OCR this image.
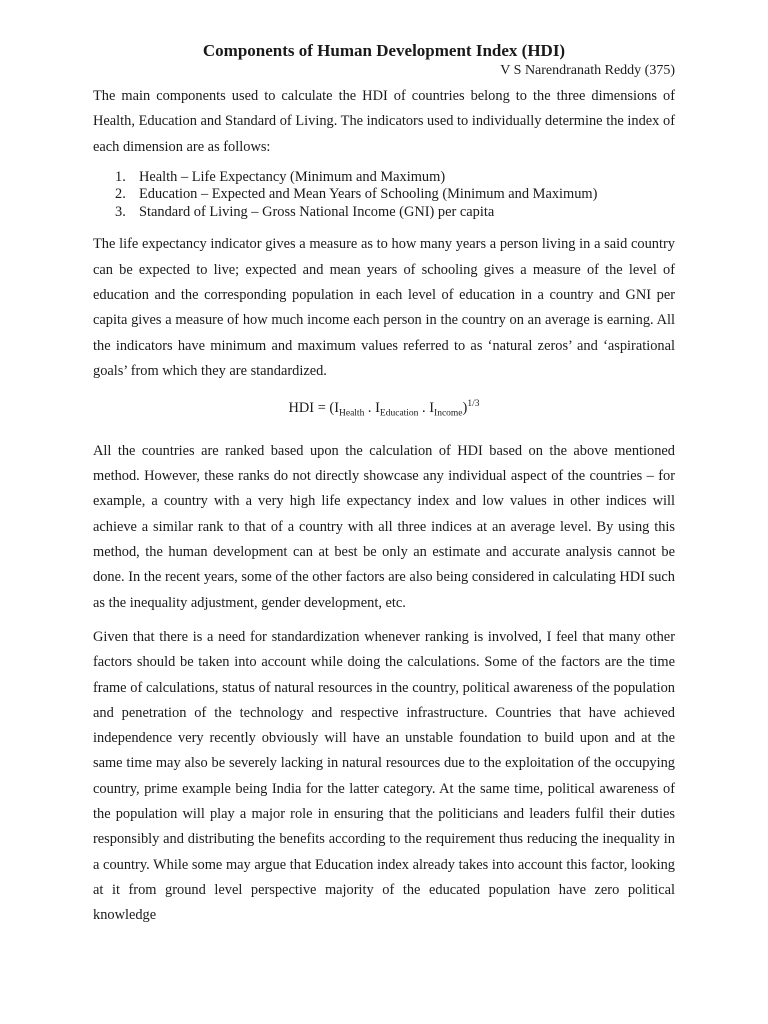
Components of Human Development Index (HDI)

V S Narendranath Reddy (375)

The main components used to calculate the HDI of countries belong to the three dimensions of Health, Education and Standard of Living. The indicators used to individually determine the index of each dimension are as follows:

1. Health – Life Expectancy (Minimum and Maximum)
2. Education – Expected and Mean Years of Schooling (Minimum and Maximum)
3. Standard of Living – Gross National Income (GNI) per capita

The life expectancy indicator gives a measure as to how many years a person living in a said country can be expected to live; expected and mean years of schooling gives a measure of the level of education and the corresponding population in each level of education in a country and GNI per capita gives a measure of how much income each person in the country on an average is earning. All the indicators have minimum and maximum values referred to as ‘natural zeros’ and ‘aspirational goals’ from which they are standardized.

HDI = ($I_{Health}$ . $I_{Education}$ . $I_{Income})^{1/3}$

All the countries are ranked based upon the calculation of HDI based on the above mentioned method. However, these ranks do not directly showcase any individual aspect of the countries – for example, a country with a very high life expectancy index and low values in other indices will achieve a similar rank to that of a country with all three indices at an average level. By using this method, the human development can at best be only an estimate and accurate analysis cannot be done. In the recent years, some of the other factors are also being considered in calculating HDI such as the inequality adjustment, gender development, etc.

Given that there is a need for standardization whenever ranking is involved, I feel that many other factors should be taken into account while doing the calculations. Some of the factors are the time frame of calculations, status of natural resources in the country, political awareness of the population and penetration of the technology and respective infrastructure. Countries that have achieved independence very recently obviously will have an unstable foundation to build upon and at the same time may also be severely lacking in natural resources due to the exploitation of the occupying country, prime example being India for the latter category. At the same time, political awareness of the population will play a major role in ensuring that the politicians and leaders fulfil their duties responsibly and distributing the benefits according to the requirement thus reducing the inequality in a country. While some may argue that Education index already takes into account this factor, looking at it from ground level perspective majority of the educated population have zero political knowledge
